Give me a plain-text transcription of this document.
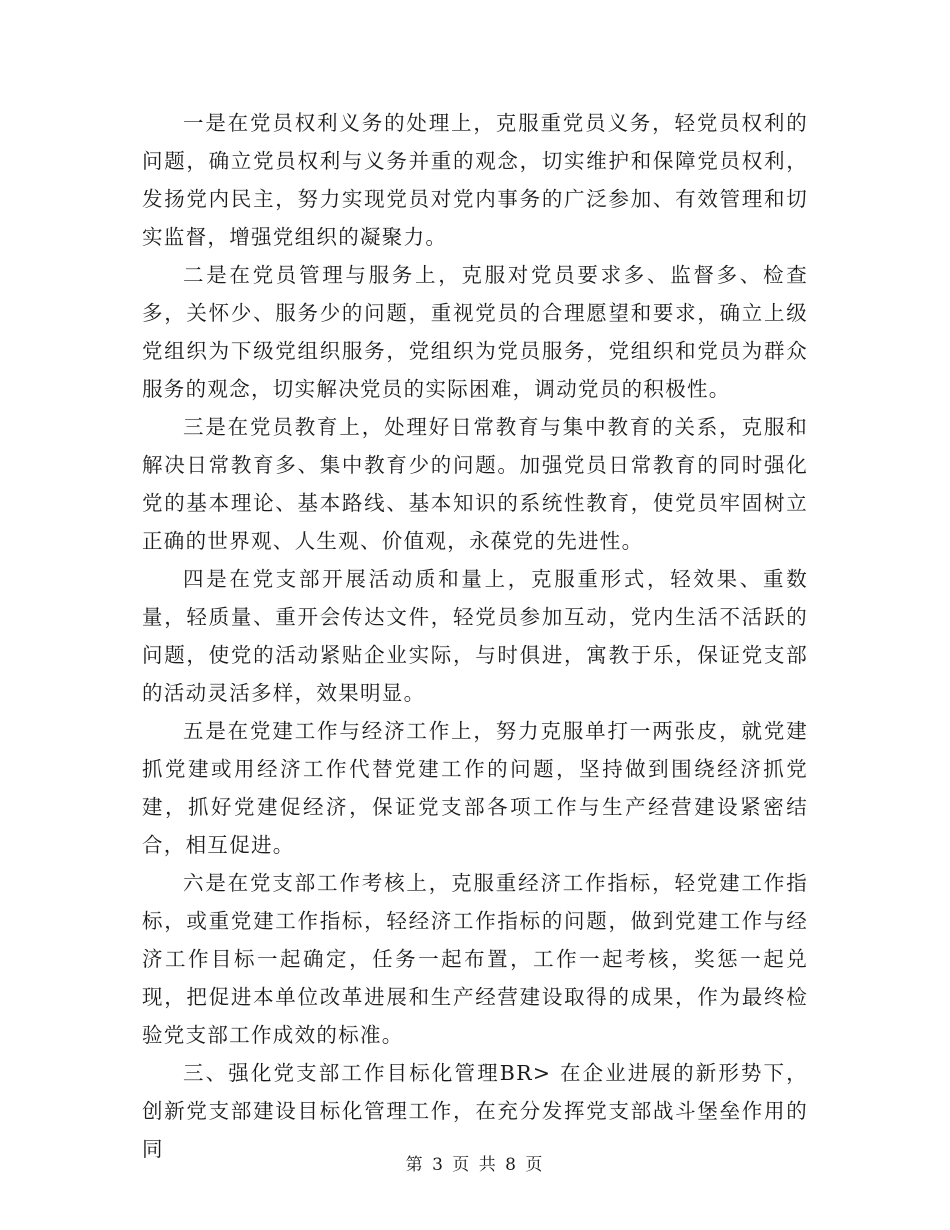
一是在党员权利义务的处理上，克服重党员义务，轻党员权利的问题，确立党员权利与义务并重的观念，切实维护和保障党员权利，发扬党内民主，努力实现党员对党内事务的广泛参加、有效管理和切实监督，增强党组织的凝聚力。

二是在党员管理与服务上，克服对党员要求多、监督多、检查多，关怀少、服务少的问题，重视党员的合理愿望和要求，确立上级党组织为下级党组织服务，党组织为党员服务，党组织和党员为群众服务的观念，切实解决党员的实际困难，调动党员的积极性。

三是在党员教育上，处理好日常教育与集中教育的关系，克服和解决日常教育多、集中教育少的问题。加强党员日常教育的同时强化党的基本理论、基本路线、基本知识的系统性教育，使党员牢固树立正确的世界观、人生观、价值观，永葆党的先进性。

四是在党支部开展活动质和量上，克服重形式，轻效果、重数量，轻质量、重开会传达文件，轻党员参加互动，党内生活不活跃的问题，使党的活动紧贴企业实际，与时俱进，寓教于乐，保证党支部的活动灵活多样，效果明显。

五是在党建工作与经济工作上，努力克服单打一两张皮，就党建抓党建或用经济工作代替党建工作的问题，坚持做到围绕经济抓党建，抓好党建促经济，保证党支部各项工作与生产经营建设紧密结合，相互促进。

六是在党支部工作考核上，克服重经济工作指标，轻党建工作指标，或重党建工作指标，轻经济工作指标的问题，做到党建工作与经济工作目标一起确定，任务一起布置，工作一起考核，奖惩一起兑现，把促进本单位改革进展和生产经营建设取得的成果，作为最终检验党支部工作成效的标准。

三、强化党支部工作目标化管理BR> 在企业进展的新形势下，创新党支部建设目标化管理工作，在充分发挥党支部战斗堡垒作用的同

第 3 页 共 8 页
